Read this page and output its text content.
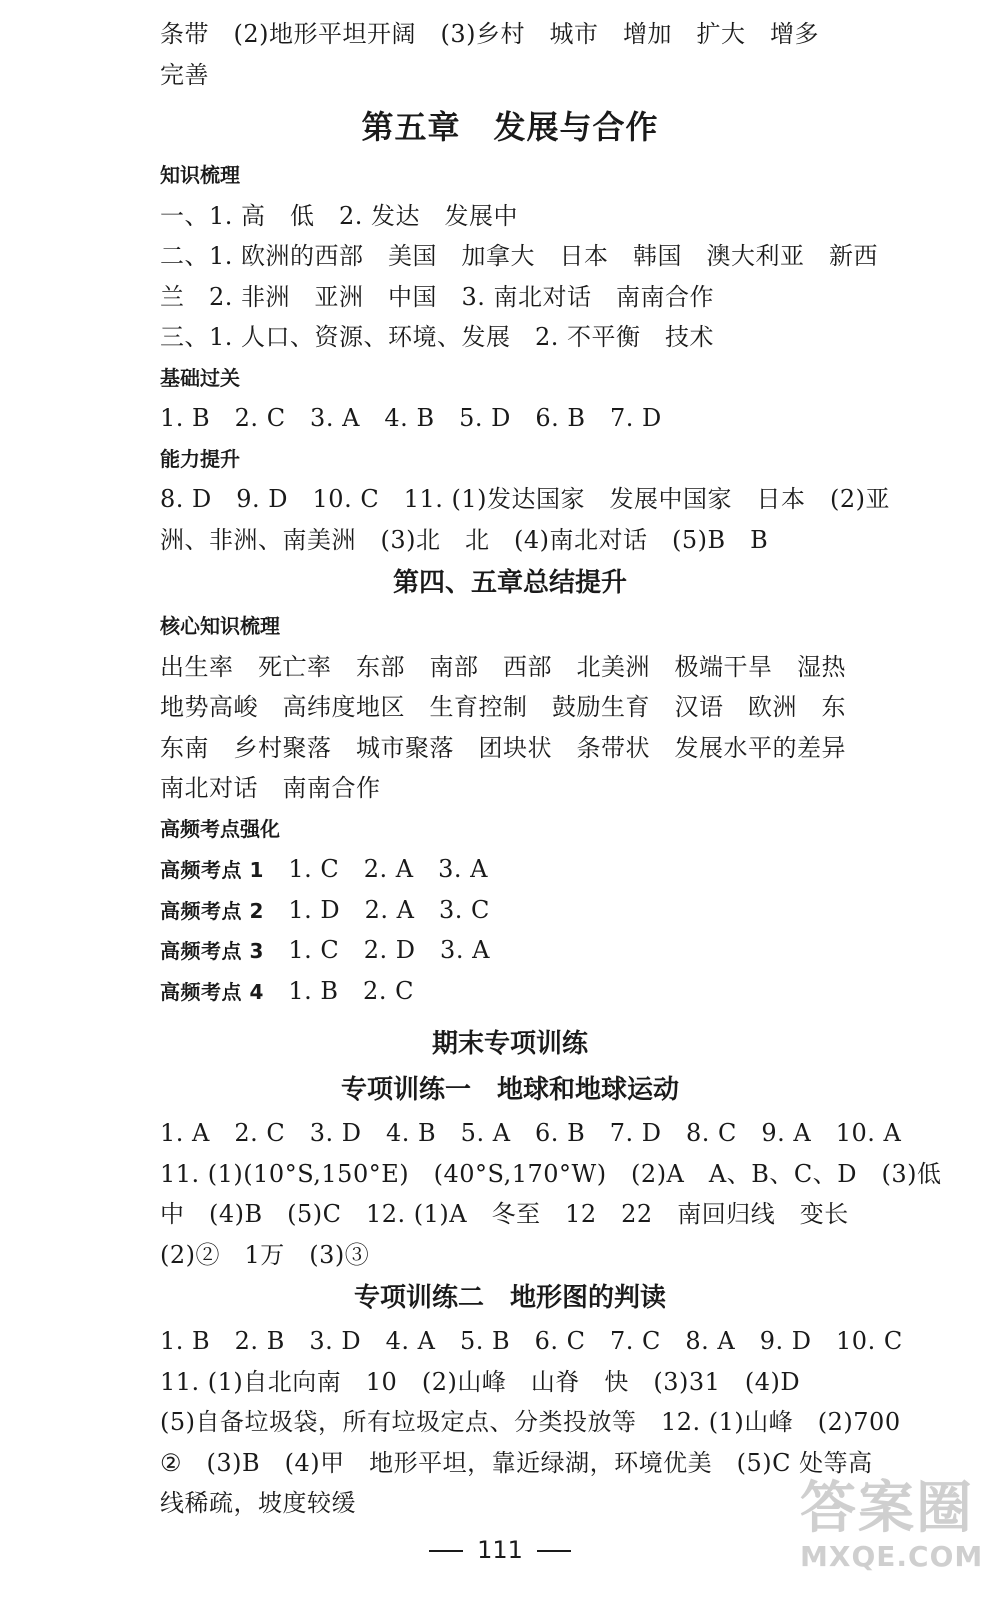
条带　(2)地形平坦开阔　(3)乡村　城市　增加　扩大　增多
完善
第五章　发展与合作
知识梳理
一、1. 高　低　2. 发达　发展中
二、1. 欧洲的西部　美国　加拿大　日本　韩国　澳大利亚　新西
兰　2. 非洲　亚洲　中国　3. 南北对话　南南合作
三、1. 人口、资源、环境、发展　2. 不平衡　技术
基础过关
1. B　2. C　3. A　4. B　5. D　6. B　7. D
能力提升
8. D　9. D　10. C　11. (1)发达国家　发展中国家　日本　(2)亚
洲、非洲、南美洲　(3)北　北　(4)南北对话　(5)B　B
第四、五章总结提升
核心知识梳理
出生率　死亡率　东部　南部　西部　北美洲　极端干旱　湿热
地势高峻　高纬度地区　生育控制　鼓励生育　汉语　欧洲　东
东南　乡村聚落　城市聚落　团块状　条带状　发展水平的差异
南北对话　南南合作
高频考点强化
高频考点 1　1. C　2. A　3. A
高频考点 2　1. D　2. A　3. C
高频考点 3　1. C　2. D　3. A
高频考点 4　1. B　2. C
期末专项训练
专项训练一　地球和地球运动
1. A　2. C　3. D　4. B　5. A　6. B　7. D　8. C　9. A　10. A
11. (1)(10°S,150°E)　(40°S,170°W)　(2)A　A、B、C、D　(3)低
中　(4)B　(5)C　12. (1)A　冬至　12　22　南回归线　变长
(2)②　1万　(3)③
专项训练二　地形图的判读
1. B　2. B　3. D　4. A　5. B　6. C　7. C　8. A　9. D　10. C
11. (1)自北向南　10　(2)山峰　山脊　快　(3)31　(4)D
(5)自备垃圾袋，所有垃圾定点、分类投放等　12. (1)山峰　(2)700
②　(3)B　(4)甲　地形平坦，靠近绿湖，环境优美　(5)C 处等高
线稀疏，坡度较缓
111
答案圈
MXQE.COM
